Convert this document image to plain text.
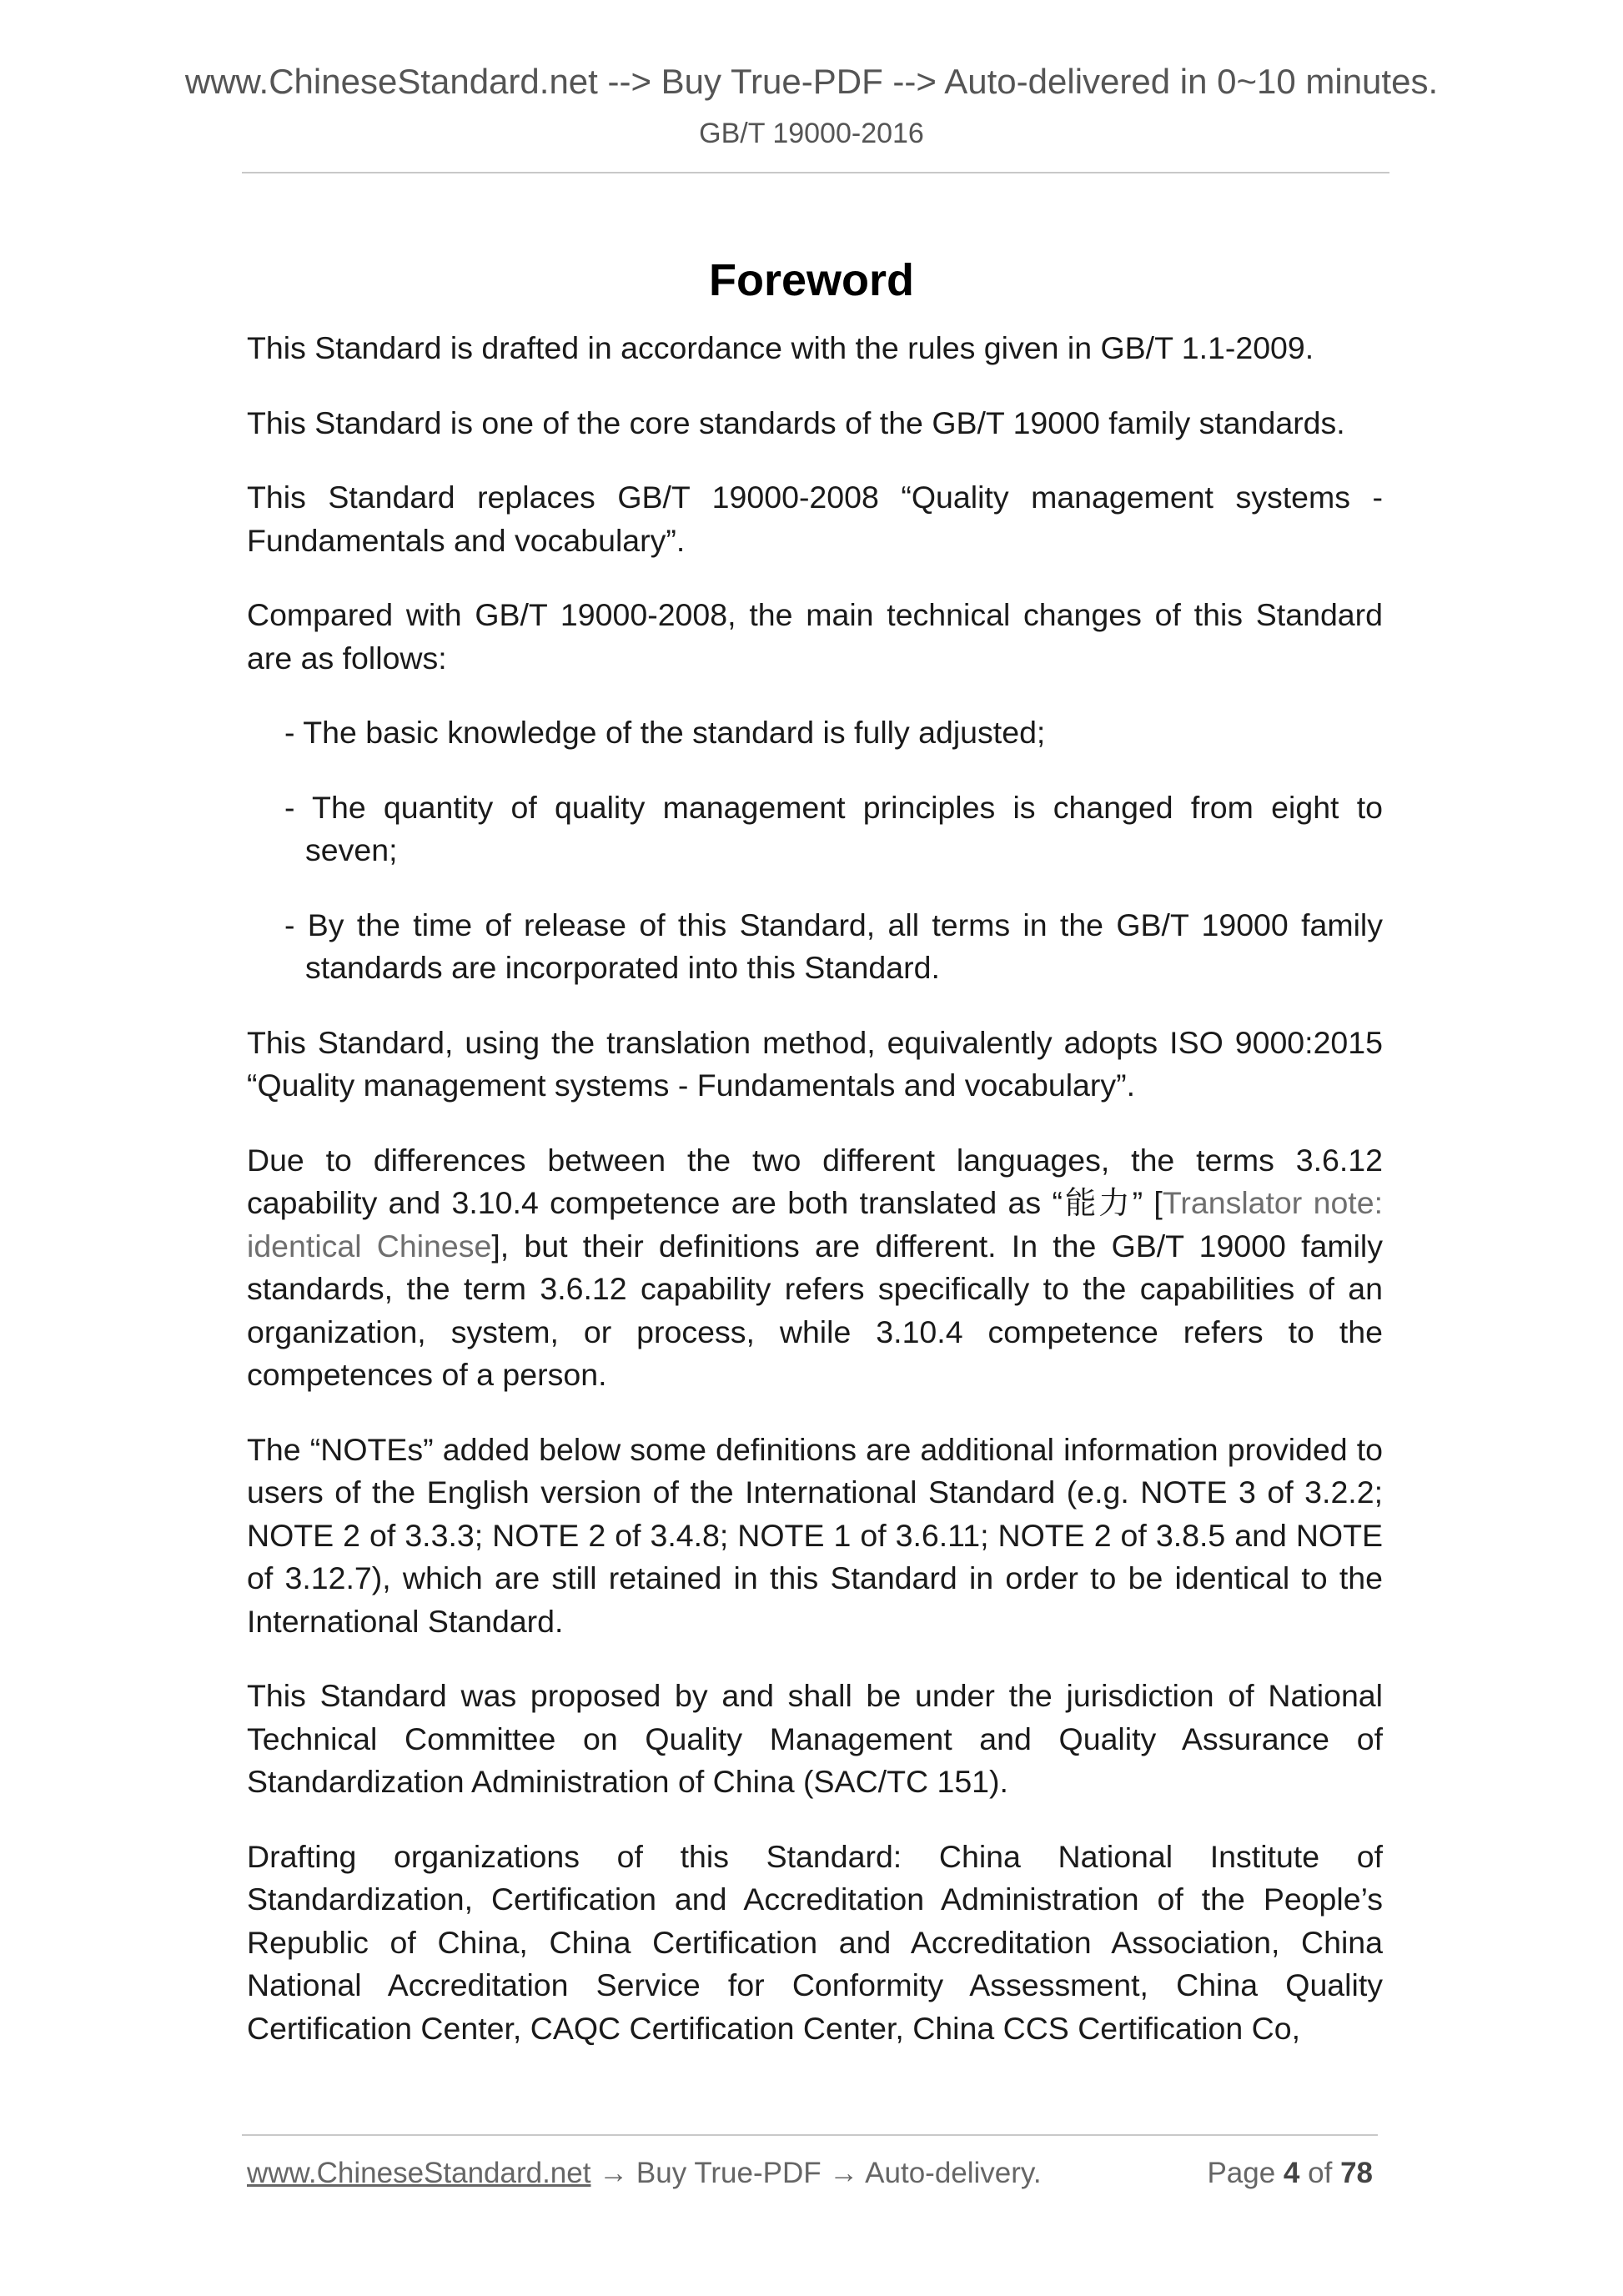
www.ChineseStandard.net --> Buy True-PDF --> Auto-delivered in 0~10 minutes.
GB/T 19000-2016
Foreword

This Standard is drafted in accordance with the rules given in GB/T 1.1-2009.

This Standard is one of the core standards of the GB/T 19000 family standards.

This Standard replaces GB/T 19000-2008 “Quality management systems - Fundamentals and vocabulary”.

Compared with GB/T 19000-2008, the main technical changes of this Standard are as follows:

- The basic knowledge of the standard is fully adjusted;
- The quantity of quality management principles is changed from eight to seven;
- By the time of release of this Standard, all terms in the GB/T 19000 family standards are incorporated into this Standard.

This Standard, using the translation method, equivalently adopts ISO 9000:2015 “Quality management systems - Fundamentals and vocabulary”.

Due to differences between the two different languages, the terms 3.6.12 capability and 3.10.4 competence are both translated as “能力” [Translator note: identical Chinese], but their definitions are different. In the GB/T 19000 family standards, the term 3.6.12 capability refers specifically to the capabilities of an organization, system, or process, while 3.10.4 competence refers to the competences of a person.

The “NOTEs” added below some definitions are additional information provided to users of the English version of the International Standard (e.g. NOTE 3 of 3.2.2; NOTE 2 of 3.3.3; NOTE 2 of 3.4.8; NOTE 1 of 3.6.11; NOTE 2 of 3.8.5 and NOTE of 3.12.7), which are still retained in this Standard in order to be identical to the International Standard.

This Standard was proposed by and shall be under the jurisdiction of National Technical Committee on Quality Management and Quality Assurance of Standardization Administration of China (SAC/TC 151).

Drafting organizations of this Standard: China National Institute of Standardization, Certification and Accreditation Administration of the People’s Republic of China, China Certification and Accreditation Association, China National Accreditation Service for Conformity Assessment, China Quality Certification Center, CAQC Certification Center, China CCS Certification Co,

www.ChineseStandard.net → Buy True-PDF → Auto-delivery.	Page 4 of 78
